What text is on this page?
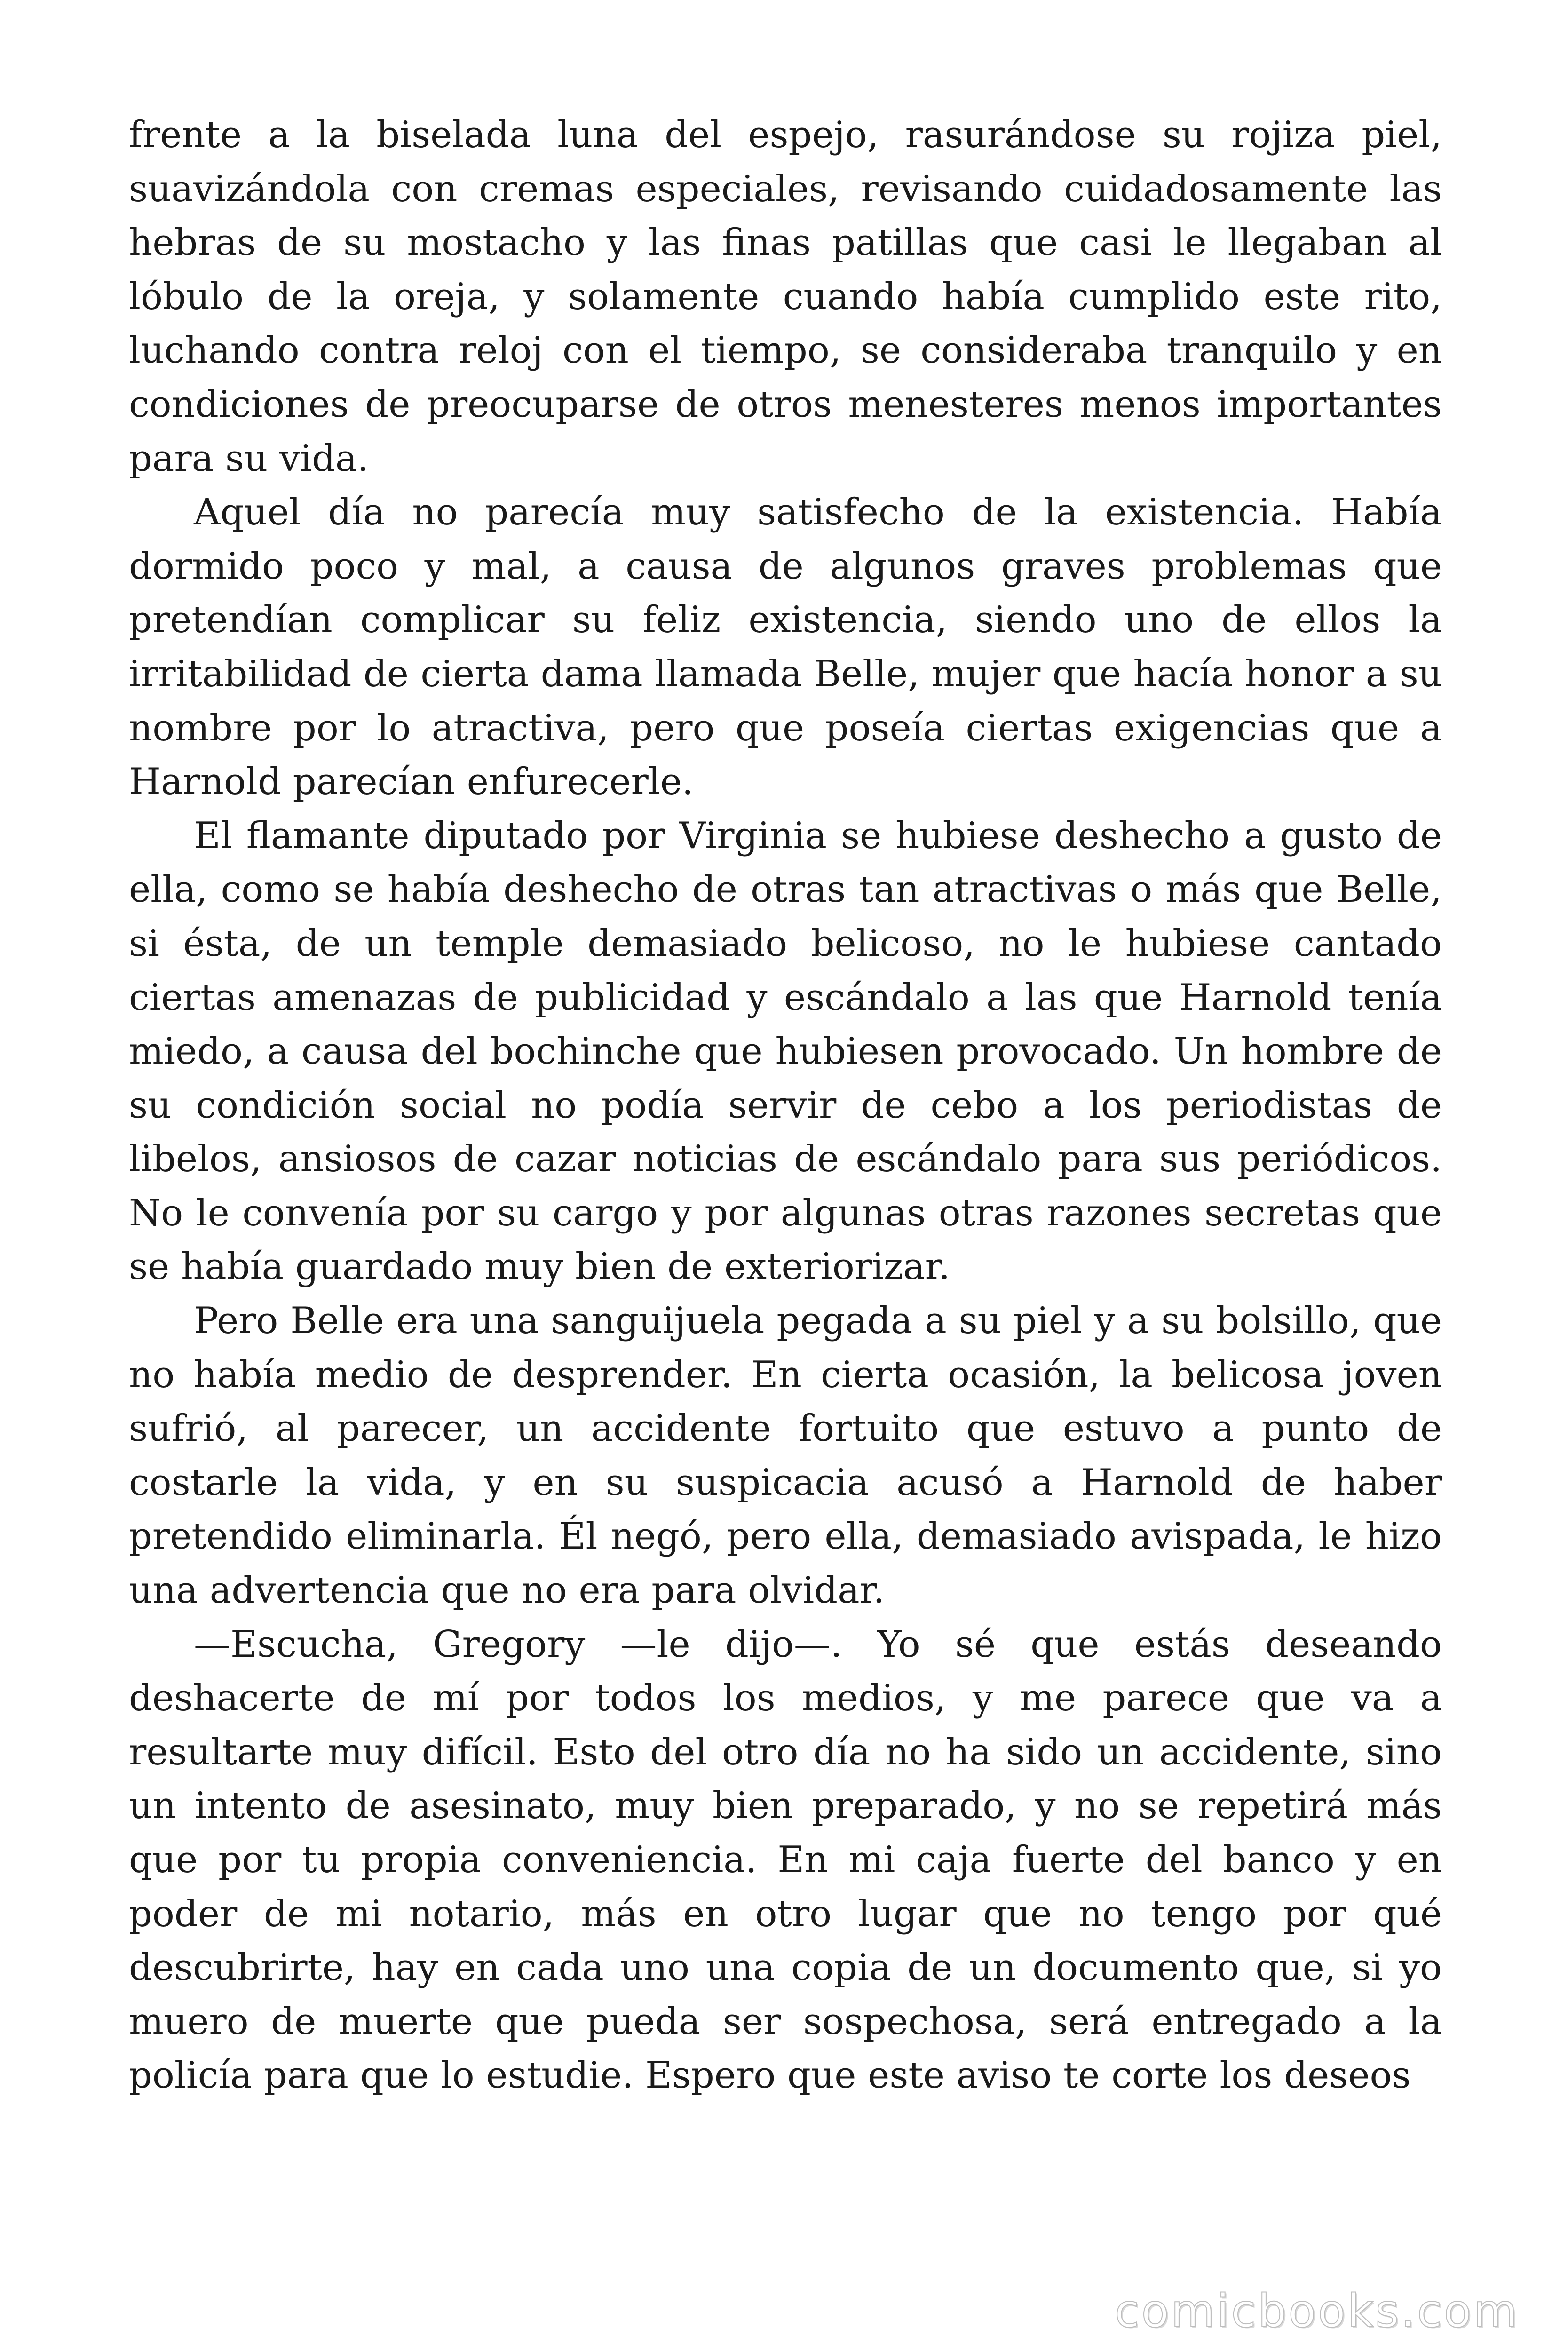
frente a la biselada luna del espejo, rasurándose su rojiza piel, suavizándola con cremas especiales, revisando cuidadosamente las hebras de su mostacho y las finas patillas que casi le llegaban al lóbulo de la oreja, y solamente cuando había cumplido este rito, luchando contra reloj con el tiempo, se consideraba tranquilo y en condiciones de preocuparse de otros menesteres menos importantes para su vida.

Aquel día no parecía muy satisfecho de la existencia. Había dormido poco y mal, a causa de algunos graves problemas que pretendían complicar su feliz existencia, siendo uno de ellos la irritabilidad de cierta dama llamada Belle, mujer que hacía honor a su nombre por lo atractiva, pero que poseía ciertas exigencias que a Harnold parecían enfurecerle.

El flamante diputado por Virginia se hubiese deshecho a gusto de ella, como se había deshecho de otras tan atractivas o más que Belle, si ésta, de un temple demasiado belicoso, no le hubiese cantado ciertas amenazas de publicidad y escándalo a las que Harnold tenía miedo, a causa del bochinche que hubiesen provocado. Un hombre de su condición social no podía servir de cebo a los periodistas de libelos, ansiosos de cazar noticias de escándalo para sus periódicos. No le convenía por su cargo y por algunas otras razones secretas que se había guardado muy bien de exteriorizar.

Pero Belle era una sanguijuela pegada a su piel y a su bolsillo, que no había medio de desprender. En cierta ocasión, la belicosa joven sufrió, al parecer, un accidente fortuito que estuvo a punto de costarle la vida, y en su suspicacia acusó a Harnold de haber pretendido eliminarla. Él negó, pero ella, demasiado avispada, le hizo una advertencia que no era para olvidar.

—Escucha, Gregory —le dijo—. Yo sé que estás deseando deshacerte de mí por todos los medios, y me parece que va a resultarte muy difícil. Esto del otro día no ha sido un accidente, sino un intento de asesinato, muy bien preparado, y no se repetirá más que por tu propia conveniencia. En mi caja fuerte del banco y en poder de mi notario, más en otro lugar que no tengo por qué descubrirte, hay en cada uno una copia de un documento que, si yo muero de muerte que pueda ser sospechosa, será entregado a la policía para que lo estudie. Espero que este aviso te corte los deseos

comicbooks.com
